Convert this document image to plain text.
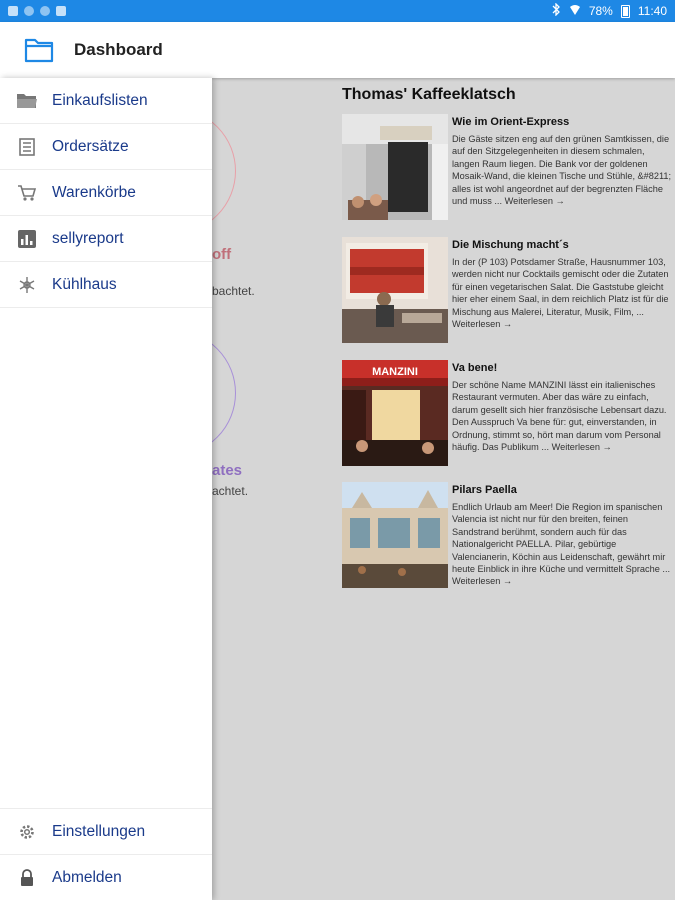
78% 11:40
Dashboard
off
bachtet.
ates
achtet.
Thomas' Kaffeeklatsch
Wie im Orient-Express
Die Gäste sitzen eng auf den grünen Samtkissen, die auf den Sitzgelegenheiten in diesem schmalen, langen Raum liegen. Die Bank vor der goldenen Mosaik-Wand, die kleinen Tische und Stühle, &#8211; alles ist wohl angeordnet auf der begrenzten Fläche und muss ... Weiterlesen →
Die Mischung macht´s
In der (P 103) Potsdamer Straße, Hausnummer 103, werden nicht nur Cocktails gemischt oder die Zutaten für einen vegetarischen Salat. Die Gaststube gleicht hier eher einem Saal, in dem reichlich Platz ist für die Mischung aus Malerei, Literatur, Musik, Film, ... Weiterlesen →
MANZINI	Va bene!
Der schöne Name MANZINI lässt ein italienisches Restaurant vermuten. Aber das wäre zu einfach, darum gesellt sich hier französische Lebensart dazu. Den Ausspruch Va bene für: gut, einverstanden, in Ordnung, stimmt so, hört man darum vom Personal häufig. Das Publikum ... Weiterlesen →
Pilars Paella
Endlich Urlaub am Meer! Die Region im spanischen Valencia ist nicht nur für den breiten, feinen Sandstrand berühmt, sondern auch für das Nationalgericht PAELLA. Pilar, gebürtige Valencianerin, Köchin aus Leidenschaft, gewährt mir heute Einblick in ihre Küche und vermittelt Sprache ... Weiterlesen →
Einkaufslisten
Ordersätze
Warenkörbe
sellyreport
Kühlhaus
Einstellungen
Abmelden
